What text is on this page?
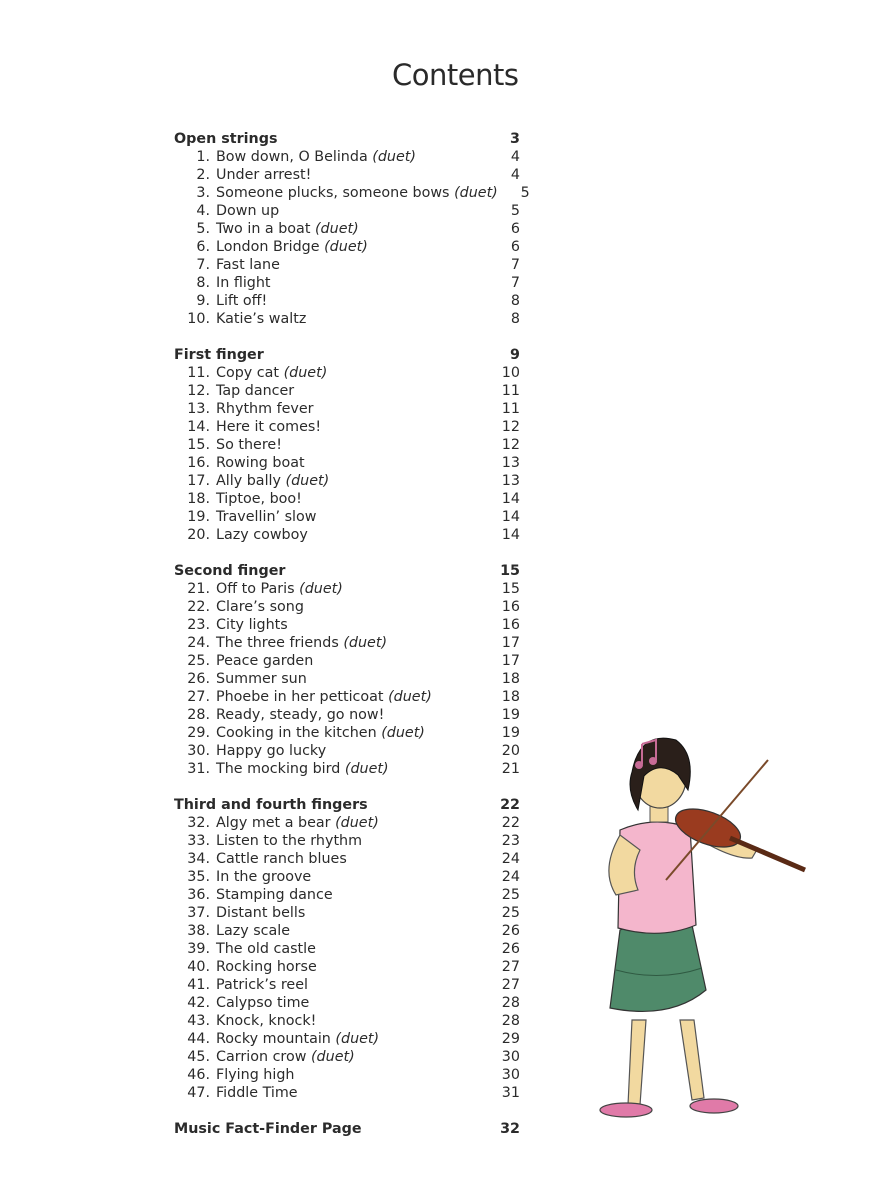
Contents
Open strings	3
1. Bow down, O Belinda (duet)	4
2. Under arrest!	4
3. Someone plucks, someone bows (duet)	5
4. Down up	5
5. Two in a boat (duet)	6
6. London Bridge (duet)	6
7. Fast lane	7
8. In flight	7
9. Lift off!	8
10. Katie’s waltz	8
First finger	9
11. Copy cat (duet)	10
12. Tap dancer	11
13. Rhythm fever	11
14. Here it comes!	12
15. So there!	12
16. Rowing boat	13
17. Ally bally (duet)	13
18. Tiptoe, boo!	14
19. Travellin’ slow	14
20. Lazy cowboy	14
Second finger	15
21. Off to Paris (duet)	15
22. Clare’s song	16
23. City lights	16
24. The three friends (duet)	17
25. Peace garden	17
26. Summer sun	18
27. Phoebe in her petticoat (duet)	18
28. Ready, steady, go now!	19
29. Cooking in the kitchen (duet)	19
30. Happy go lucky	20
31. The mocking bird (duet)	21
Third and fourth fingers	22
32. Algy met a bear (duet)	22
33. Listen to the rhythm	23
34. Cattle ranch blues	24
35. In the groove	24
36. Stamping dance	25
37. Distant bells	25
38. Lazy scale	26
39. The old castle	26
40. Rocking horse	27
41. Patrick’s reel	27
42. Calypso time	28
43. Knock, knock!	28
44. Rocky mountain (duet)	29
45. Carrion crow (duet)	30
46. Flying high	30
47. Fiddle Time	31
Music Fact-Finder Page	32
